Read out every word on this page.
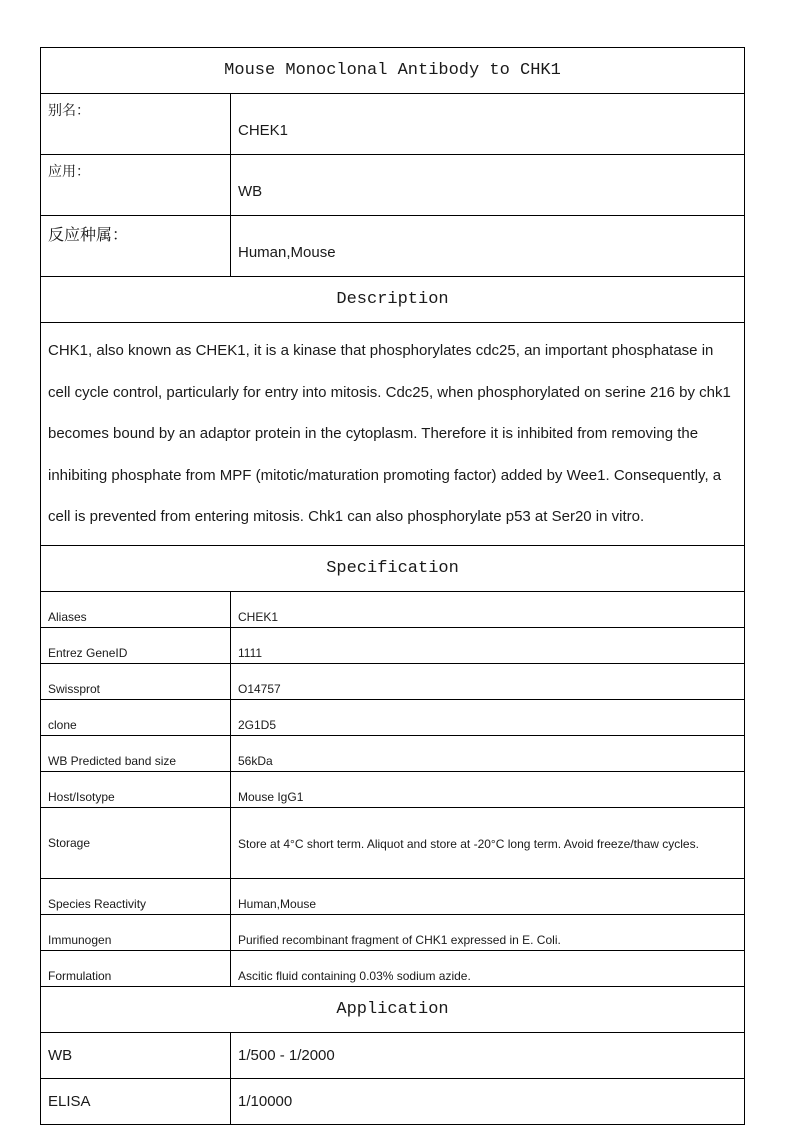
Mouse Monoclonal Antibody to CHK1	
别名：	CHEK1
应用：	WB
反应种属：	Human,Mouse
Description	
CHK1, also known as CHEK1, it is a kinase that phosphorylates cdc25, an important phosphatase in cell cycle control, particularly for entry into mitosis. Cdc25, when phosphorylated on serine 216 by chk1 becomes bound by an adaptor protein in the cytoplasm. Therefore it is inhibited from removing the inhibiting phosphate from MPF (mitotic/maturation promoting factor) added by Wee1. Consequently, a cell is prevented from entering mitosis. Chk1 can also phosphorylate p53 at Ser20 in vitro.	
Specification	
Aliases	CHEK1
Entrez GeneID	1111
Swissprot	O14757
clone	2G1D5
WB Predicted band size	56kDa
Host/Isotype	Mouse IgG1
Storage	Store at 4°C short term. Aliquot and store at -20°C long term. Avoid freeze/thaw cycles.
Species Reactivity	Human,Mouse
Immunogen	Purified recombinant fragment of CHK1 expressed in E. Coli.
Formulation	Ascitic fluid containing 0.03% sodium azide.
Application	
WB	1/500 - 1/2000
ELISA	1/10000
